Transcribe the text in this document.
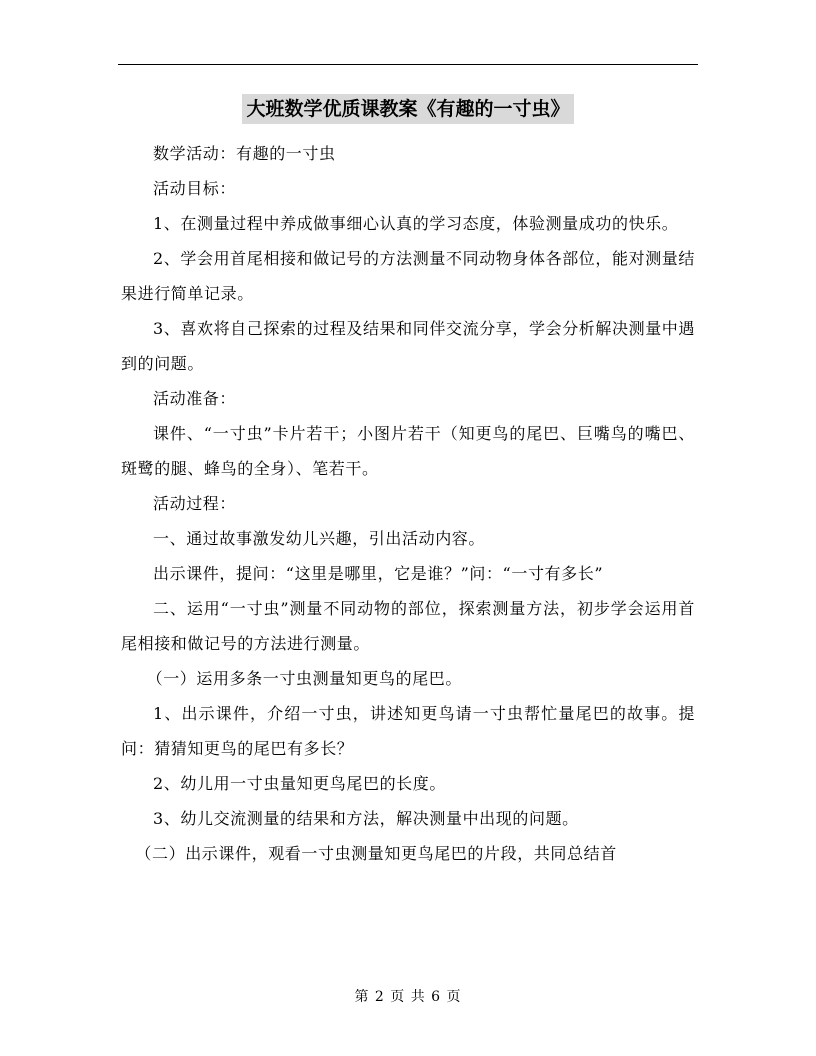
大班数学优质课教案《有趣的一寸虫》

数学活动：有趣的一寸虫

活动目标：

1、在测量过程中养成做事细心认真的学习态度，体验测量成功的快乐。

2、学会用首尾相接和做记号的方法测量不同动物身体各部位，能对测量结果进行简单记录。

3、喜欢将自己探索的过程及结果和同伴交流分享，学会分析解决测量中遇到的问题。

活动准备：

课件、“一寸虫”卡片若干；小图片若干（知更鸟的尾巴、巨嘴鸟的嘴巴、斑鹭的腿、蜂鸟的全身）、笔若干。

活动过程：

一、通过故事激发幼儿兴趣，引出活动内容。

出示课件，提问：“这里是哪里，它是谁？”问：“一寸有多长”

二、运用“一寸虫”测量不同动物的部位，探索测量方法，初步学会运用首尾相接和做记号的方法进行测量。

（一）运用多条一寸虫测量知更鸟的尾巴。

1、出示课件，介绍一寸虫，讲述知更鸟请一寸虫帮忙量尾巴的故事。提问：猜猜知更鸟的尾巴有多长？

2、幼儿用一寸虫量知更鸟尾巴的长度。

3、幼儿交流测量的结果和方法，解决测量中出现的问题。

（二）出示课件，观看一寸虫测量知更鸟尾巴的片段，共同总结首

第 2 页 共 6 页
